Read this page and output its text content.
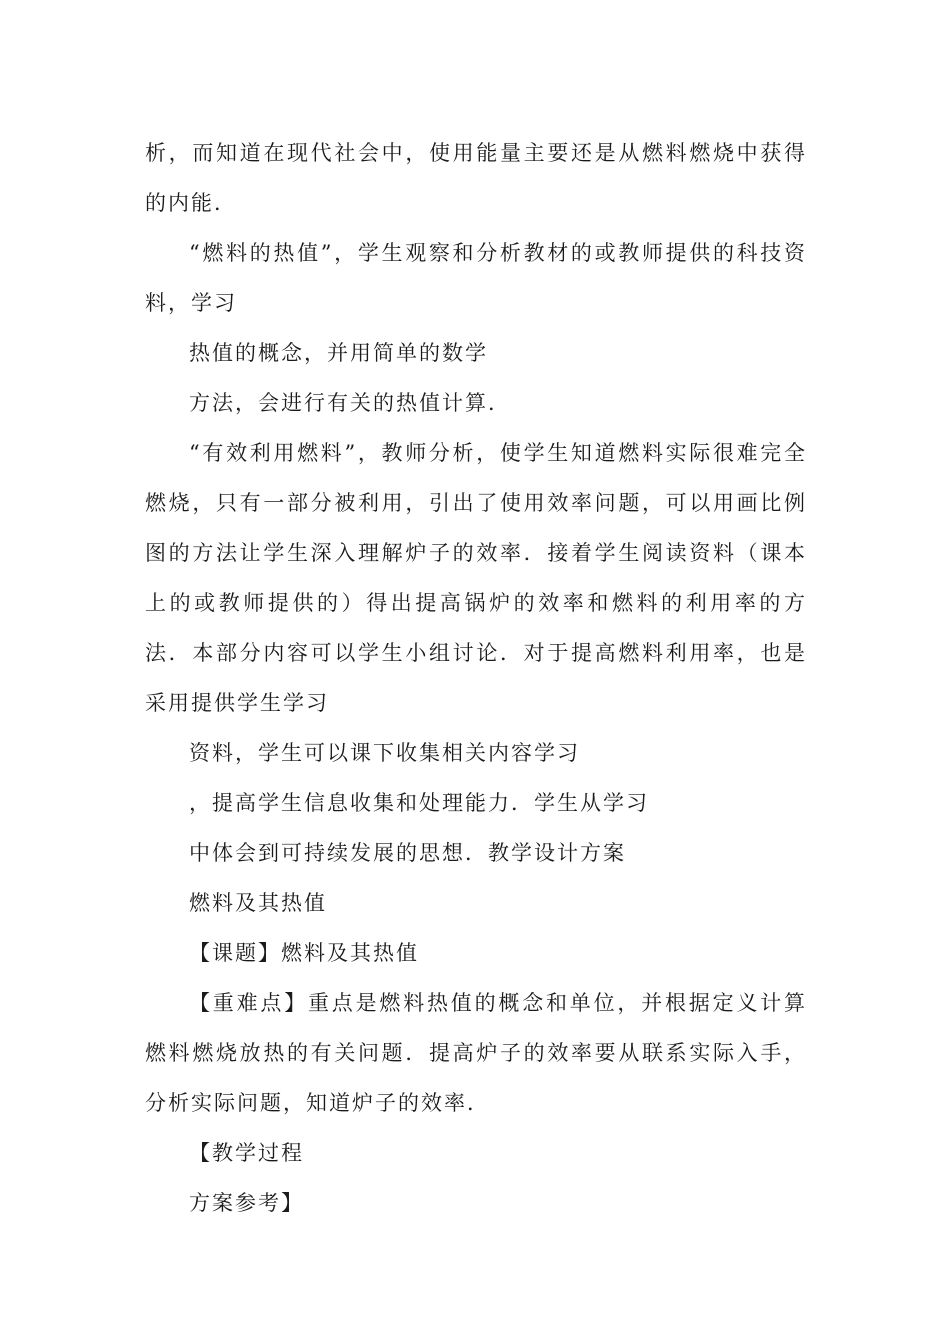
析，而知道在现代社会中，使用能量主要还是从燃料燃烧中获得的内能．

“燃料的热值”，学生观察和分析教材的或教师提供的科技资料，学习

热值的概念，并用简单的数学

方法，会进行有关的热值计算．

“有效利用燃料”，教师分析，使学生知道燃料实际很难完全燃烧，只有一部分被利用，引出了使用效率问题，可以用画比例图的方法让学生深入理解炉子的效率．接着学生阅读资料（课本上的或教师提供的）得出提高锅炉的效率和燃料的利用率的方法．本部分内容可以学生小组讨论．对于提高燃料利用率，也是采用提供学生学习

资料，学生可以课下收集相关内容学习

，提高学生信息收集和处理能力．学生从学习

中体会到可持续发展的思想．教学设计方案

燃料及其热值

【课题】燃料及其热值

【重难点】重点是燃料热值的概念和单位，并根据定义计算燃料燃烧放热的有关问题．提高炉子的效率要从联系实际入手，分析实际问题，知道炉子的效率．

【教学过程

方案参考】
